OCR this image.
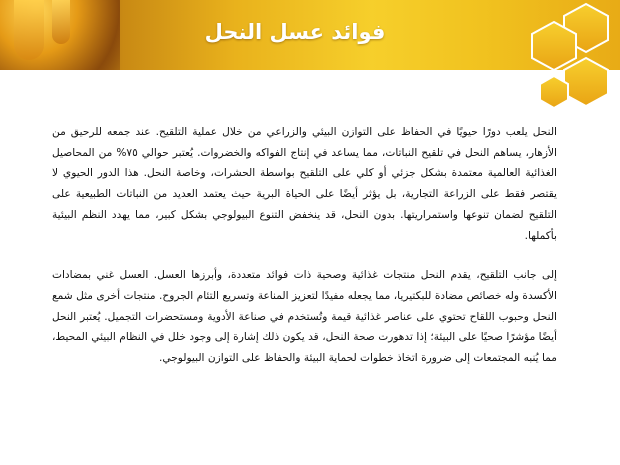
فوائد عسل النحل

النحل يلعب دورًا حيويًا في الحفاظ على التوازن البيئي والزراعي من خلال عملية التلقيح. عند جمعه للرحيق من الأزهار، يساهم النحل في تلقيح النباتات، مما يساعد في إنتاج الفواكه والخضروات. يُعتبر حوالي ٧٥% من المحاصيل الغذائية العالمية معتمدة بشكل جزئي أو كلي على التلقيح بواسطة الحشرات، وخاصة النحل. هذا الدور الحيوي لا يقتصر فقط على الزراعة التجارية، بل يؤثر أيضًا على الحياة البرية حيث يعتمد العديد من النباتات الطبيعية على التلقيح لضمان تنوعها واستمراريتها. بدون النحل، قد ينخفض التنوع البيولوجي بشكل كبير، مما يهدد النظم البيئية بأكملها.

إلى جانب التلقيح، يقدم النحل منتجات غذائية وصحية ذات فوائد متعددة، وأبرزها العسل. العسل غني بمضادات الأكسدة وله خصائص مضادة للبكتيريا، مما يجعله مفيدًا لتعزيز المناعة وتسريع التئام الجروح. منتجات أخرى مثل شمع النحل وحبوب اللقاح تحتوي على عناصر غذائية قيمة وتُستخدم في صناعة الأدوية ومستحضرات التجميل. يُعتبر النحل أيضًا مؤشرًا صحيًا على البيئة؛ إذا تدهورت صحة النحل، قد يكون ذلك إشارة إلى وجود خلل في النظام البيئي المحيط، مما يُنبه المجتمعات إلى ضرورة اتخاذ خطوات لحماية البيئة والحفاظ على التوازن البيولوجي.
